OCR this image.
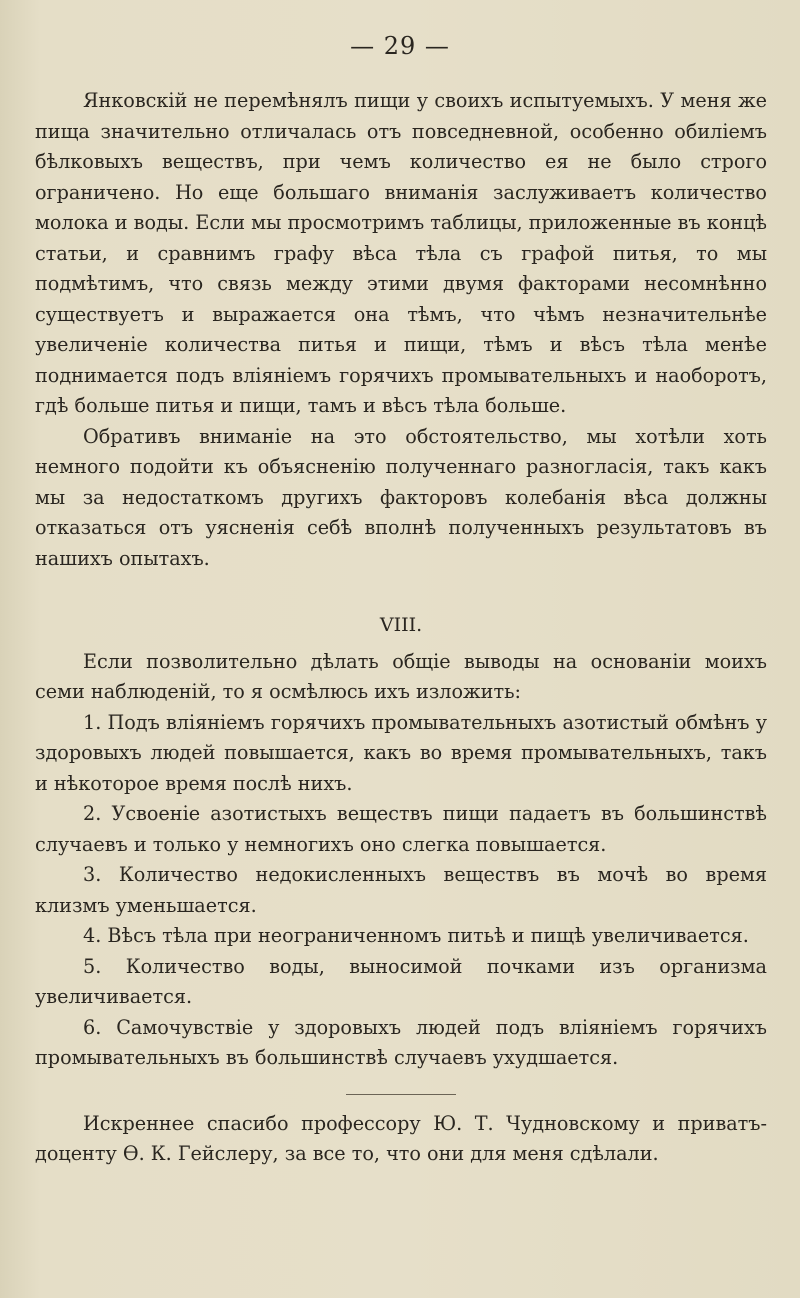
— 29 —

Янковскій не перемѣнялъ пищи у своихъ испытуемыхъ. У меня же пища значительно отличалась отъ повседневной, особенно обиліемъ бѣлковыхъ веществъ, при чемъ количество ея не было строго ограничено. Но еще большаго вниманія заслуживаетъ количество молока и воды. Если мы просмотримъ таблицы, приложенные въ концѣ статьи, и сравнимъ графу вѣса тѣла съ графой питья, то мы подмѣтимъ, что связь между этими двумя факторами несомнѣнно существуетъ и выражается она тѣмъ, что чѣмъ незначительнѣе увеличеніе количества питья и пищи, тѣмъ и вѣсъ тѣла менѣе поднимается подъ вліяніемъ горячихъ промывательныхъ и наоборотъ, гдѣ больше питья и пищи, тамъ и вѣсъ тѣла больше.

Обративъ вниманіе на это обстоятельство, мы хотѣли хоть немного подойти къ объясненію полученнаго разногласія, такъ какъ мы за недостаткомъ другихъ факторовъ колебанія вѣса должны отказаться отъ уясненія себѣ вполнѣ полученныхъ результатовъ въ нашихъ опытахъ.

VIII.

Если позволительно дѣлать общіе выводы на основаніи моихъ семи наблюденій, то я осмѣлюсь ихъ изложить:

1. Подъ вліяніемъ горячихъ промывательныхъ азотистый обмѣнъ у здоровыхъ людей повышается, какъ во время промывательныхъ, такъ и нѣкоторое время послѣ нихъ.

2. Усвоеніе азотистыхъ веществъ пищи падаетъ въ большинствѣ случаевъ и только у немногихъ оно слегка повышается.

3. Количество недокисленныхъ веществъ въ мочѣ во время клизмъ уменьшается.

4. Вѣсъ тѣла при неограниченномъ питьѣ и пищѣ увеличивается.

5. Количество воды, выносимой почками изъ организма увеличивается.

6. Самочувствіе у здоровыхъ людей подъ вліяніемъ горячихъ промывательныхъ въ большинствѣ случаевъ ухудшается.

Искреннее спасибо профессору Ю. Т. Чудновскому и приватъ-доценту Ѳ. К. Гейслеру, за все то, что они для меня сдѣлали.
